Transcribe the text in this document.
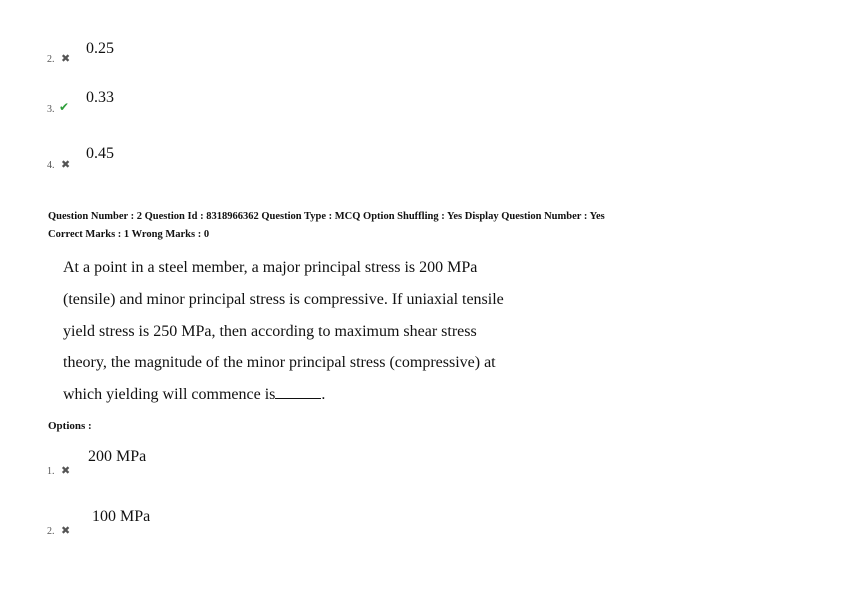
0.25
2. ✖
0.33
3. ✔
0.45
4. ✖
Question Number : 2 Question Id : 8318966362 Question Type : MCQ Option Shuffling : Yes Display Question Number : Yes
Correct Marks : 1 Wrong Marks : 0
At a point in a steel member, a major principal stress is 200 MPa
(tensile) and minor principal stress is compressive. If uniaxial tensile
yield stress is 250 MPa, then according to maximum shear stress
theory, the magnitude of the minor principal stress (compressive) at
which yielding will commence is	.
Options :
200 MPa
1. ✖
100 MPa
2. ✖
